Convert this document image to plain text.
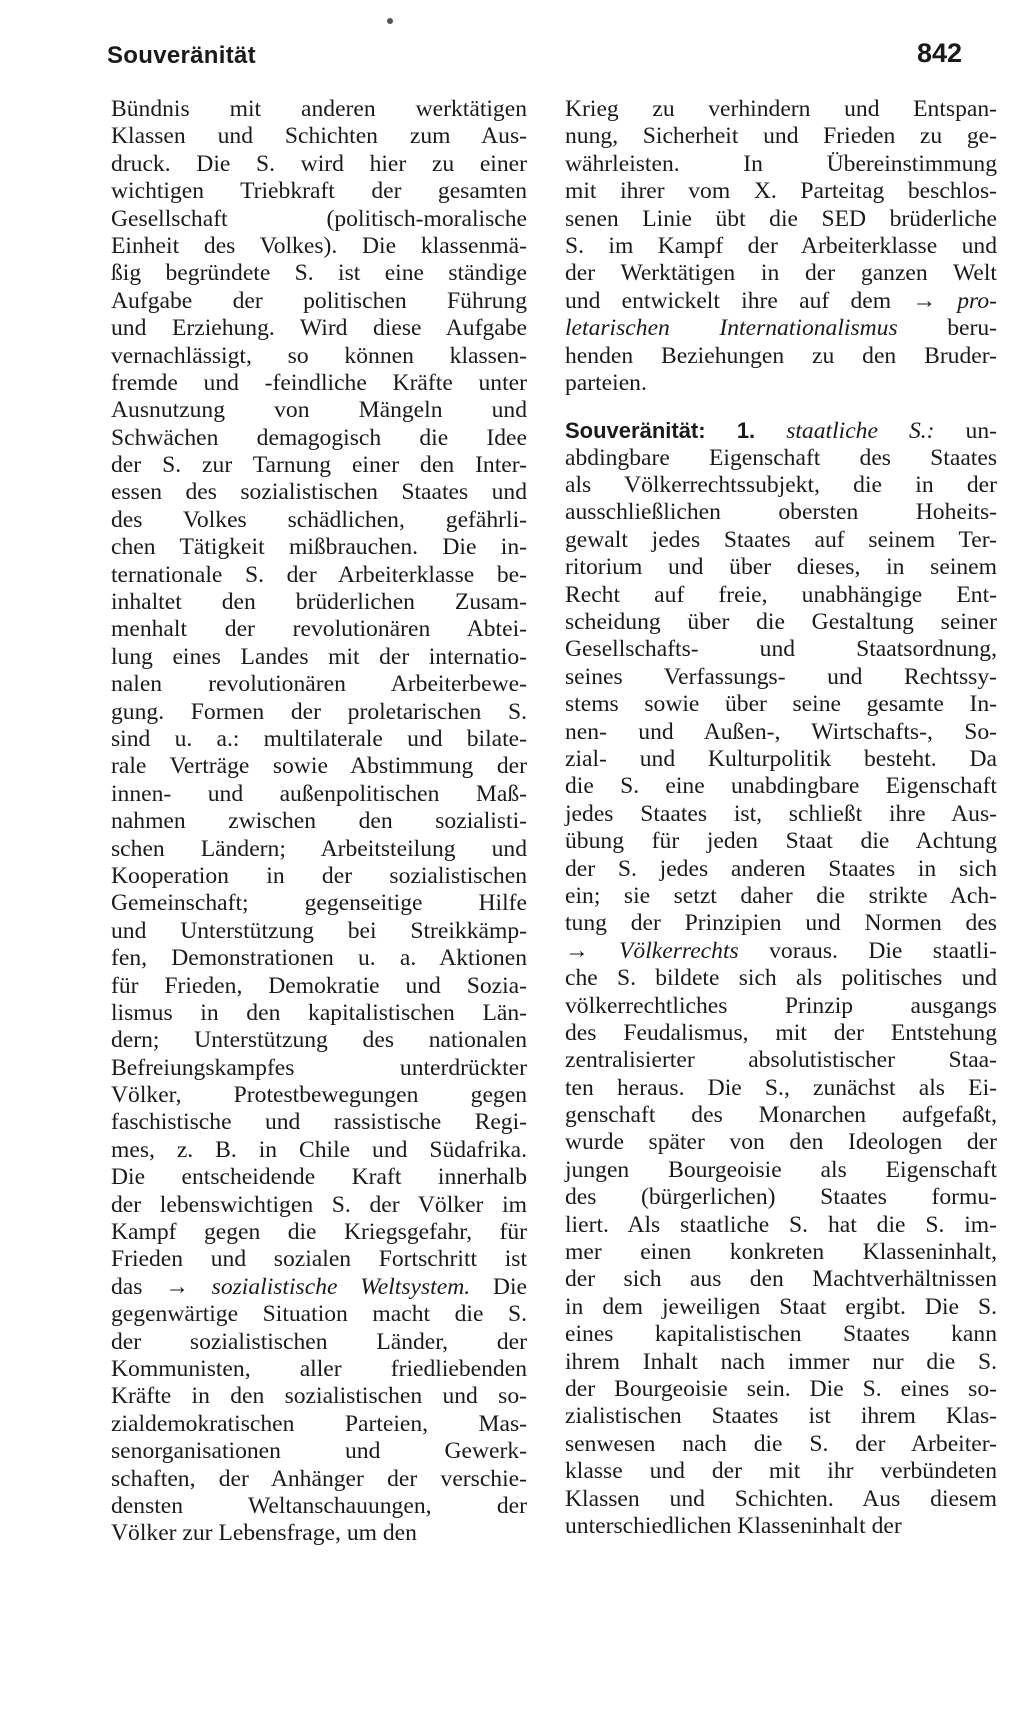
Souveränität	842
Bündnis mit anderen werktätigen
Klassen und Schichten zum Aus-
druck. Die S. wird hier zu einer
wichtigen Triebkraft der gesamten
Gesellschaft (politisch-moralische
Einheit des Volkes). Die klassenmä-
ßig begründete S. ist eine ständige
Aufgabe der politischen Führung
und Erziehung. Wird diese Aufgabe
vernachlässigt, so können klassen-
fremde und -feindliche Kräfte unter
Ausnutzung von Mängeln und
Schwächen demagogisch die Idee
der S. zur Tarnung einer den Inter-
essen des sozialistischen Staates und
des Volkes schädlichen, gefährli-
chen Tätigkeit mißbrauchen. Die in-
ternationale S. der Arbeiterklasse be-
inhaltet den brüderlichen Zusam-
menhalt der revolutionären Abtei-
lung eines Landes mit der internatio-
nalen revolutionären Arbeiterbewe-
gung. Formen der proletarischen S.
sind u. a.: multilaterale und bilate-
rale Verträge sowie Abstimmung der
innen- und außenpolitischen Maß-
nahmen zwischen den sozialisti-
schen Ländern; Arbeitsteilung und
Kooperation in der sozialistischen
Gemeinschaft; gegenseitige Hilfe
und Unterstützung bei Streikkämp-
fen, Demonstrationen u. a. Aktionen
für Frieden, Demokratie und Sozia-
lismus in den kapitalistischen Län-
dern; Unterstützung des nationalen
Befreiungskampfes unterdrückter
Völker, Protestbewegungen gegen
faschistische und rassistische Regi-
mes, z. B. in Chile und Südafrika.
Die entscheidende Kraft innerhalb
der lebenswichtigen S. der Völker im
Kampf gegen die Kriegsgefahr, für
Frieden und sozialen Fortschritt ist
das → sozialistische Weltsystem. Die
gegenwärtige Situation macht die S.
der sozialistischen Länder, der
Kommunisten, aller friedliebenden
Kräfte in den sozialistischen und so-
zialdemokratischen Parteien, Mas-
senorganisationen und Gewerk-
schaften, der Anhänger der verschie-
densten Weltanschauungen, der
Völker zur Lebensfrage, um den
Krieg zu verhindern und Entspan-
nung, Sicherheit und Frieden zu ge-
währleisten. In Übereinstimmung
mit ihrer vom X. Parteitag beschlos-
senen Linie übt die SED brüderliche
S. im Kampf der Arbeiterklasse und
der Werktätigen in der ganzen Welt
und entwickelt ihre auf dem → pro-
letarischen Internationalismus beru-
henden Beziehungen zu den Bruder-
parteien.
Souveränität: 1. staatliche S.: un-
abdingbare Eigenschaft des Staates
als Völkerrechtssubjekt, die in der
ausschließlichen obersten Hoheits-
gewalt jedes Staates auf seinem Ter-
ritorium und über dieses, in seinem
Recht auf freie, unabhängige Ent-
scheidung über die Gestaltung seiner
Gesellschafts- und Staatsordnung,
seines Verfassungs- und Rechtssy-
stems sowie über seine gesamte In-
nen- und Außen-, Wirtschafts-, So-
zial- und Kulturpolitik besteht. Da
die S. eine unabdingbare Eigenschaft
jedes Staates ist, schließt ihre Aus-
übung für jeden Staat die Achtung
der S. jedes anderen Staates in sich
ein; sie setzt daher die strikte Ach-
tung der Prinzipien und Normen des
→ Völkerrechts voraus. Die staatli-
che S. bildete sich als politisches und
völkerrechtliches Prinzip ausgangs
des Feudalismus, mit der Entstehung
zentralisierter absolutistischer Staa-
ten heraus. Die S., zunächst als Ei-
genschaft des Monarchen aufgefaßt,
wurde später von den Ideologen der
jungen Bourgeoisie als Eigenschaft
des (bürgerlichen) Staates formu-
liert. Als staatliche S. hat die S. im-
mer einen konkreten Klasseninhalt,
der sich aus den Machtverhältnissen
in dem jeweiligen Staat ergibt. Die S.
eines kapitalistischen Staates kann
ihrem Inhalt nach immer nur die S.
der Bourgeoisie sein. Die S. eines so-
zialistischen Staates ist ihrem Klas-
senwesen nach die S. der Arbeiter-
klasse und der mit ihr verbündeten
Klassen und Schichten. Aus diesem
unterschiedlichen Klasseninhalt der
